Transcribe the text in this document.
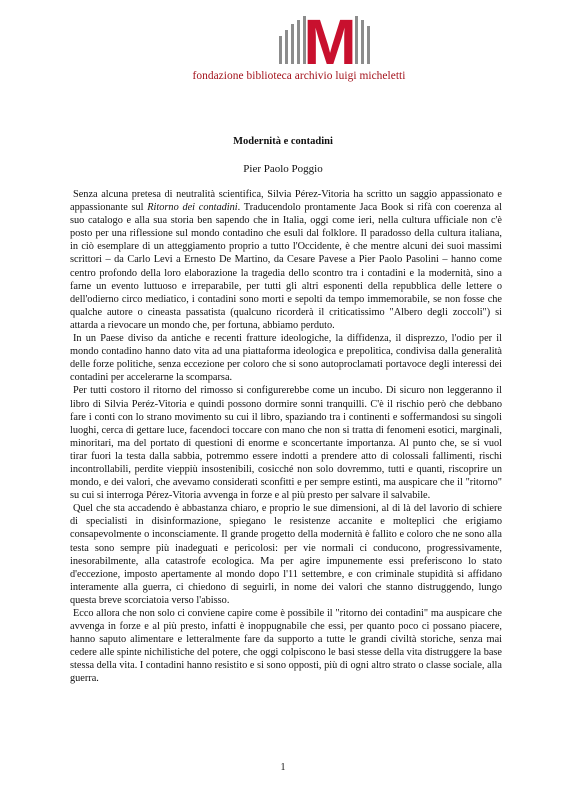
M
fondazione biblioteca archivio luigi micheletti
Modernità e contadini
Pier Paolo Poggio

Senza alcuna pretesa di neutralità scientifica, Silvia Pérez-Vitoria ha scritto un saggio appassionato e appassionante sul Ritorno dei contadini. Traducendolo prontamente Jaca Book si rifà con coerenza al suo catalogo e alla sua storia ben sapendo che in Italia, oggi come ieri, nella cultura ufficiale non c'è posto per una riflessione sul mondo contadino che esuli dal folklore. Il paradosso della cultura italiana, in ciò esemplare di un atteggiamento proprio a tutto l'Occidente, è che mentre alcuni dei suoi massimi scrittori – da Carlo Levi a Ernesto De Martino, da Cesare Pavese a Pier Paolo Pasolini – hanno come centro profondo della loro elaborazione la tragedia dello scontro tra i contadini e la modernità, sino a farne un evento luttuoso e irreparabile, per tutti gli altri esponenti della repubblica delle lettere o dell'odierno circo mediatico, i contadini sono morti e sepolti da tempo immemorabile, se non fosse che qualche autore o cineasta passatista (qualcuno ricorderà il criticatissimo "Albero degli zoccoli") si attarda a rievocare un mondo che, per fortuna, abbiamo perduto.

In un Paese diviso da antiche e recenti fratture ideologiche, la diffidenza, il disprezzo, l'odio per il mondo contadino hanno dato vita ad una piattaforma ideologica e prepolitica, condivisa dalla generalità delle forze politiche, senza eccezione per coloro che si sono autoproclamati portavoce degli interessi dei contadini per accelerarne la scomparsa.

Per tutti costoro il ritorno del rimosso si configurerebbe come un incubo. Di sicuro non leggeranno il libro di Silvia Peréz-Vitoria e quindi possono dormire sonni tranquilli. C'è il rischio però che debbano fare i conti con lo strano movimento su cui il libro, spaziando tra i continenti e soffermandosi su singoli luoghi, cerca di gettare luce, facendoci toccare con mano che non si tratta di fenomeni esotici, marginali, minoritari, ma del portato di questioni di enorme e sconcertante importanza. Al punto che, se si vuol tirar fuori la testa dalla sabbia, potremmo essere indotti a prendere atto di colossali fallimenti, rischi incontrollabili, perdite vieppiù insostenibili, cosicché non solo dovremmo, tutti e quanti, riscoprire un mondo, e dei valori, che avevamo considerati sconfitti e per sempre estinti, ma auspicare che il "ritorno" su cui si interroga Pérez-Vitoria avvenga in forze e al più presto per salvare il salvabile.

Quel che sta accadendo è abbastanza chiaro, e proprio le sue dimensioni, al di là del lavorio di schiere di specialisti in disinformazione, spiegano le resistenze accanite e molteplici che erigiamo consapevolmente o inconsciamente. Il grande progetto della modernità è fallito e coloro che ne sono alla testa sono sempre più inadeguati e pericolosi: per vie normali ci conducono, progressivamente, inesorabilmente, alla catastrofe ecologica. Ma per agire impunemente essi preferiscono lo stato d'eccezione, imposto apertamente al mondo dopo l'11 settembre, e con criminale stupidità si affidano interamente alla guerra, ci chiedono di seguirli, in nome dei valori che stanno distruggendo, lungo questa breve scorciatoia verso l'abisso.

Ecco allora che non solo ci conviene capire come è possibile il "ritorno dei contadini" ma auspicare che avvenga in forze e al più presto, infatti è inoppugnabile che essi, per quanto poco ci possano piacere, hanno saputo alimentare e letteralmente fare da supporto a tutte le grandi civiltà storiche, senza mai cedere alle spinte nichilistiche del potere, che oggi colpiscono le basi stesse della vita distruggere la base stessa della vita. I contadini hanno resistito e si sono opposti, più di ogni altro strato o classe sociale, alla guerra.

1
